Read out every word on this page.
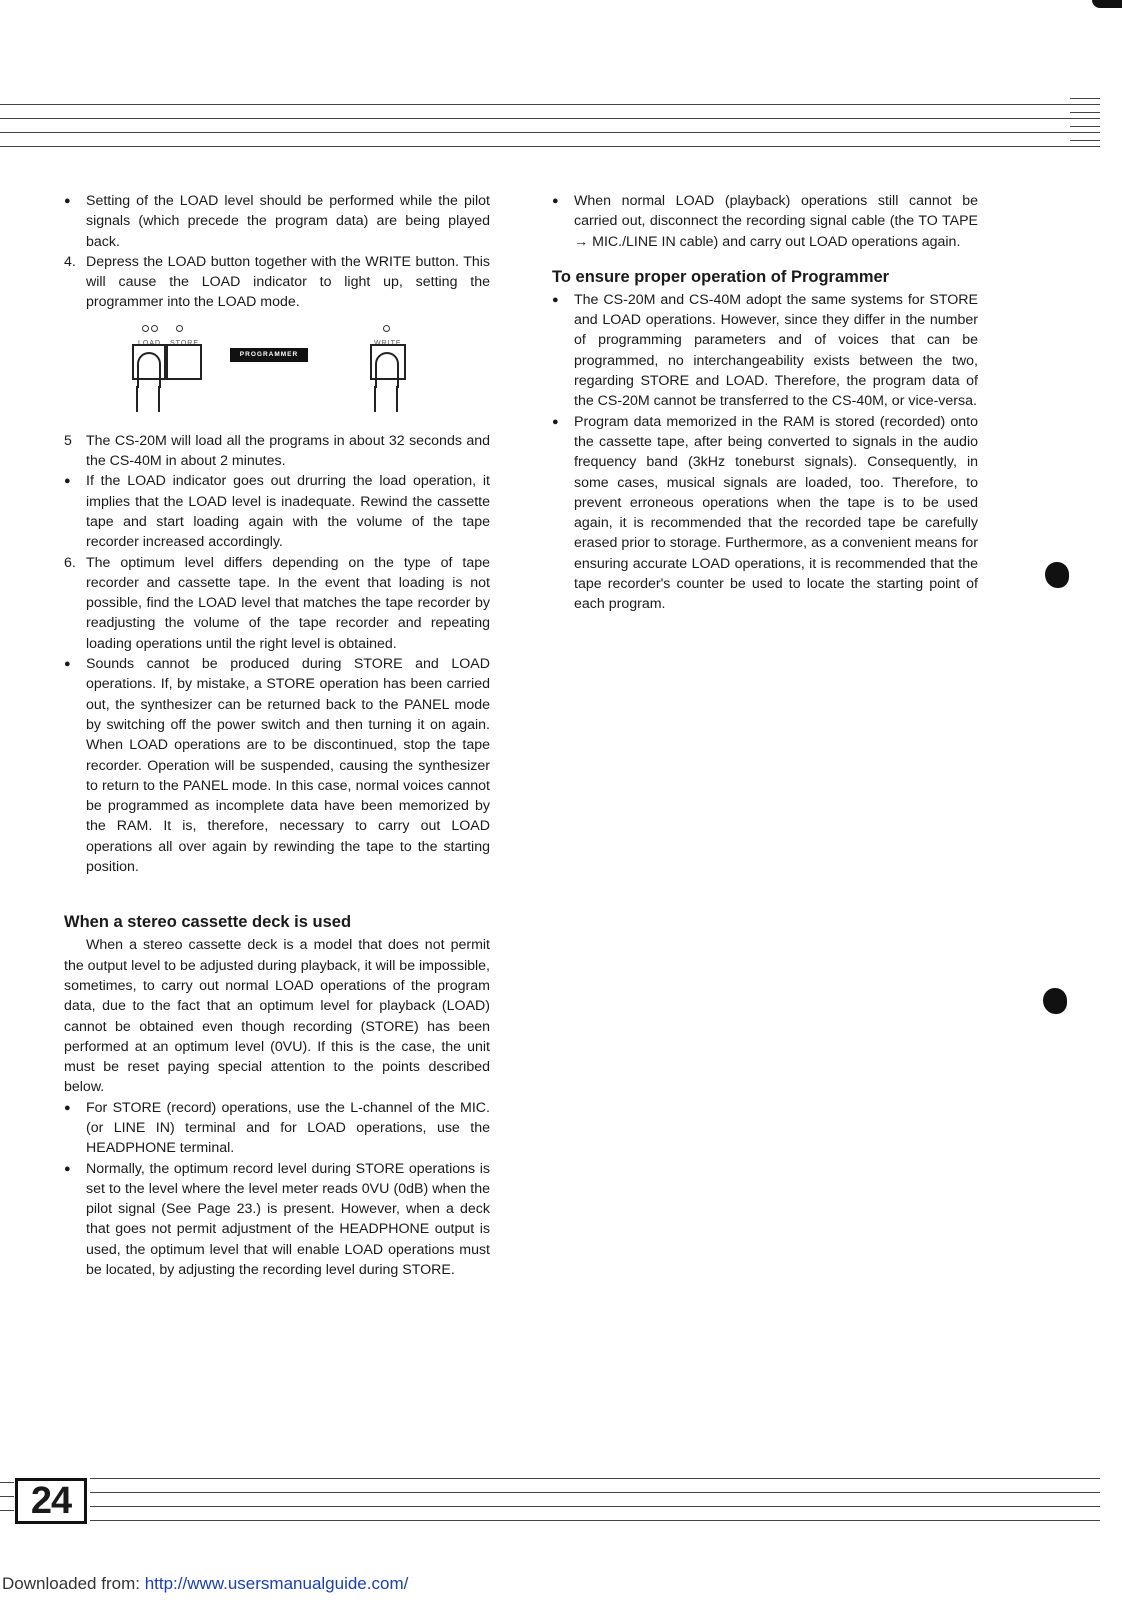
● Setting of the LOAD level should be performed while the pilot signals (which precede the program data) are being played back.

4. Depress the LOAD button together with the WRITE button. This will cause the LOAD indicator to light up, setting the programmer into the LOAD mode.

LOAD STORE
PROGRAMMER
WRITE

5 The CS-20M will load all the programs in about 32 seconds and the CS-40M in about 2 minutes.

● If the LOAD indicator goes out drurring the load operation, it implies that the LOAD level is inadequate. Rewind the cassette tape and start loading again with the volume of the tape recorder increased accordingly.

6. The optimum level differs depending on the type of tape recorder and cassette tape. In the event that loading is not possible, find the LOAD level that matches the tape recorder by readjusting the volume of the tape recorder and repeating loading operations until the right level is obtained.

● Sounds cannot be produced during STORE and LOAD operations. If, by mistake, a STORE operation has been carried out, the synthesizer can be returned back to the PANEL mode by switching off the power switch and then turning it on again. When LOAD operations are to be discontinued, stop the tape recorder. Operation will be suspended, causing the synthesizer to return to the PANEL mode. In this case, normal voices cannot be programmed as incomplete data have been memorized by the RAM. It is, therefore, necessary to carry out LOAD operations all over again by rewinding the tape to the starting position.

When a stereo cassette deck is used

When a stereo cassette deck is a model that does not permit the output level to be adjusted during playback, it will be impossible, sometimes, to carry out normal LOAD operations of the program data, due to the fact that an optimum level for playback (LOAD) cannot be obtained even though recording (STORE) has been performed at an optimum level (0VU). If this is the case, the unit must be reset paying special attention to the points described below.

● For STORE (record) operations, use the L-channel of the MIC. (or LINE IN) terminal and for LOAD operations, use the HEADPHONE terminal.

● Normally, the optimum record level during STORE operations is set to the level where the level meter reads 0VU (0dB) when the pilot signal (See Page 23.) is present. However, when a deck that goes not permit adjustment of the HEADPHONE output is used, the optimum level that will enable LOAD operations must be located, by adjusting the recording level during STORE.

● When normal LOAD (playback) operations still cannot be carried out, disconnect the recording signal cable (the TO TAPE → MIC./LINE IN cable) and carry out LOAD operations again.

To ensure proper operation of Programmer

● The CS-20M and CS-40M adopt the same systems for STORE and LOAD operations. However, since they differ in the number of programming parameters and of voices that can be programmed, no interchangeability exists between the two, regarding STORE and LOAD. Therefore, the program data of the CS-20M cannot be transferred to the CS-40M, or vice-versa.

● Program data memorized in the RAM is stored (recorded) onto the cassette tape, after being converted to signals in the audio frequency band (3kHz toneburst signals). Consequently, in some cases, musical signals are loaded, too. Therefore, to prevent erroneous operations when the tape is to be used again, it is recommended that the recorded tape be carefully erased prior to storage. Furthermore, as a convenient means for ensuring accurate LOAD operations, it is recommended that the tape recorder's counter be used to locate the starting point of each program.

24
Downloaded from: http://www.usersmanualguide.com/
